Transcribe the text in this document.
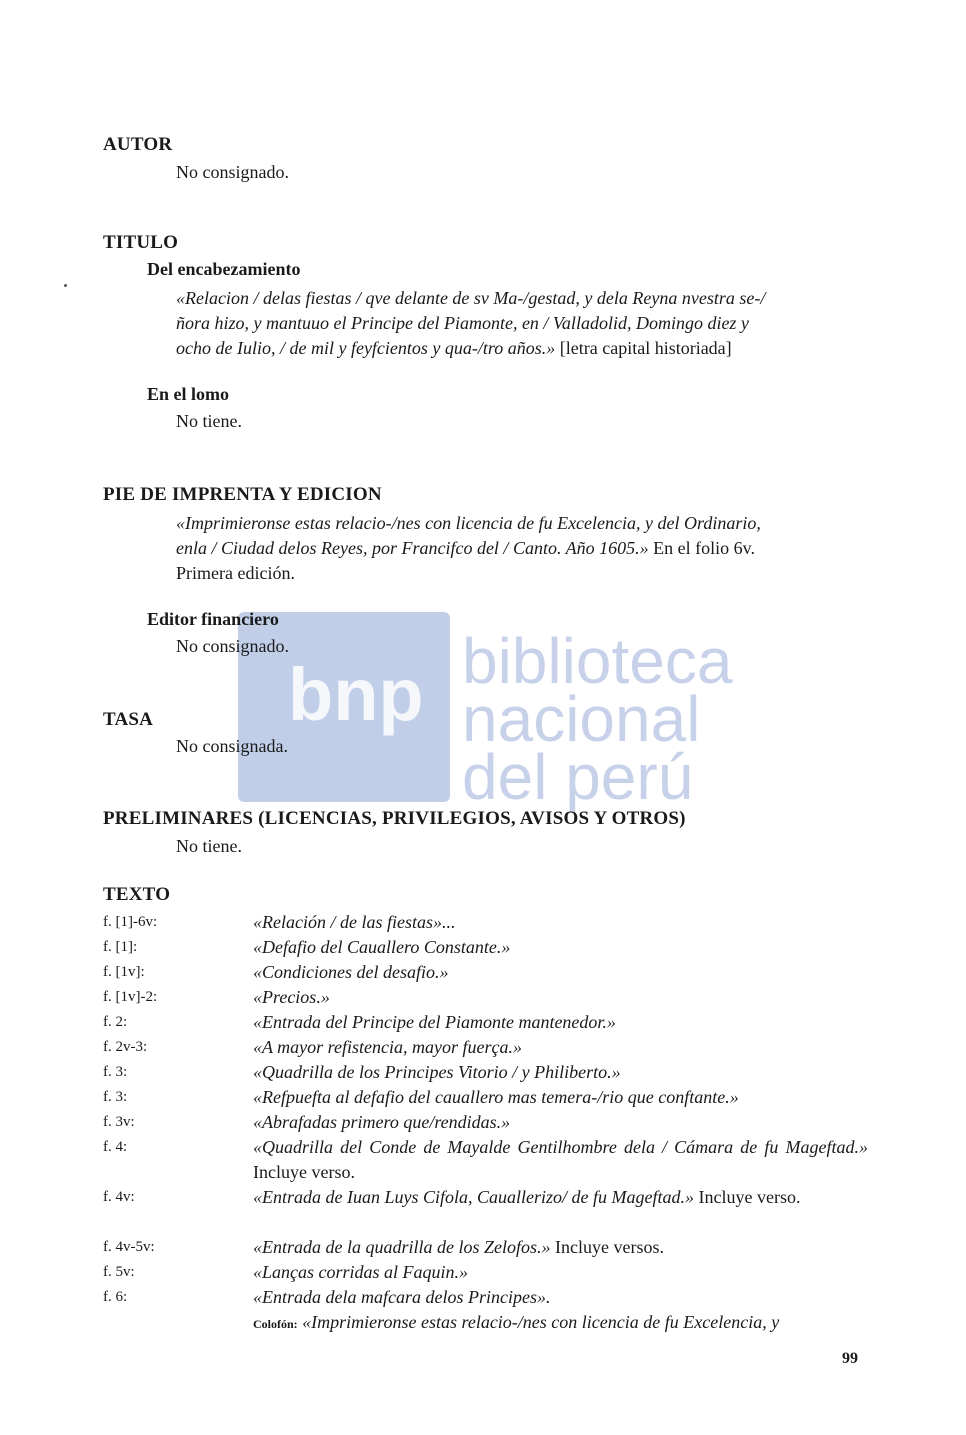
bnp biblioteca
nacional
del perú
AUTOR
No consignado.
TITULO
Del encabezamiento
«Relacion / delas fiestas / qve delante de sv Ma-/gestad, y dela Reyna nvestra se-/
ñora hizo, y mantuuo el Principe del Piamonte, en / Valladolid, Domingo diez y
ocho de Iulio, / de mil y feyfcientos y qua-/tro años.» [letra capital historiada]
En el lomo
No tiene.
PIE DE IMPRENTA Y EDICION
«Imprimieronse estas relacio-/nes con licencia de fu Excelencia, y del Ordinario,
enla / Ciudad delos Reyes, por Francifco del / Canto. Año 1605.» En el folio 6v.
Primera edición.
Editor financiero
No consignado.
TASA
No consignada.
PRELIMINARES (LICENCIAS, PRIVILEGIOS, AVISOS Y OTROS)
No tiene.
TEXTO
f. [1]-6v:	«Relación / de las fiestas»...
f. [1]:	«Defafio del Cauallero Constante.»
f. [1v]:	«Condiciones del desafio.»
f. [1v]-2:	«Precios.»
f. 2:	«Entrada del Principe del Piamonte mantenedor.»
f. 2v-3:	«A mayor refistencia, mayor fuerça.»
f. 3:	«Quadrilla de los Principes Vitorio / y Philiberto.»
f. 3:	«Refpuefta al defafio del cauallero mas temera-/rio que conftante.»
f. 3v:	«Abrafadas primero que/rendidas.»
f. 4:	«Quadrilla del Conde de Mayalde Gentilhombre dela / Cámara de fu Mageftad.» Incluye verso.
f. 4v:	«Entrada de Iuan Luys Cifola, Cauallerizo/ de fu Mageftad.» Incluye verso.
f. 4v-5v:	«Entrada de la quadrilla de los Zelofos.» Incluye versos.
f. 5v:	«Lanças corridas al Faquin.»
f. 6:	«Entrada dela mafcara delos Principes».
Colofón: «Imprimieronse estas relacio-/nes con licencia de fu Excelencia, y
99
